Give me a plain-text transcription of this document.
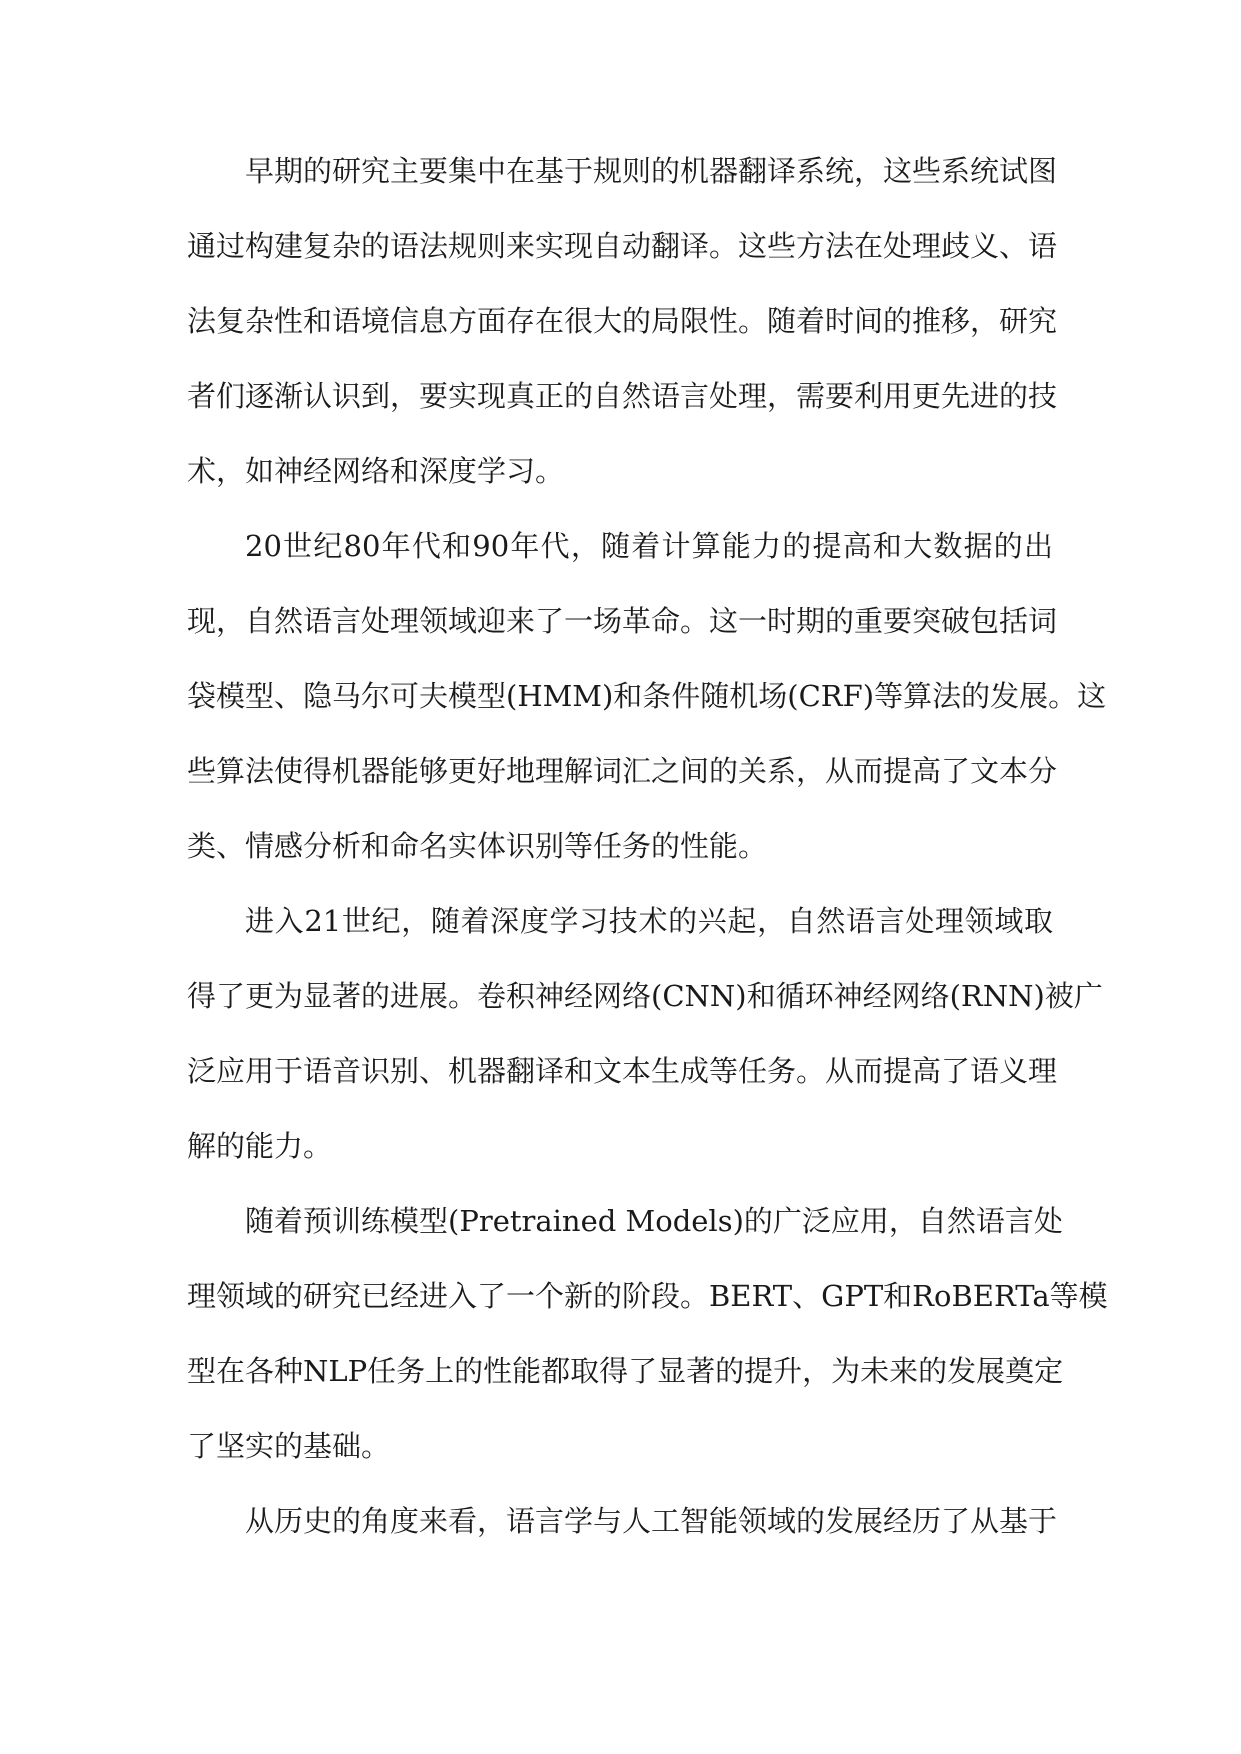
早期的研究主要集中在基于规则的机器翻译系统，这些系统试图
通过构建复杂的语法规则来实现自动翻译。这些方法在处理歧义、语
法复杂性和语境信息方面存在很大的局限性。随着时间的推移，研究
者们逐渐认识到，要实现真正的自然语言处理，需要利用更先进的技
术，如神经网络和深度学习。
20世纪80年代和90年代，随着计算能力的提高和大数据的出
现，自然语言处理领域迎来了一场革命。这一时期的重要突破包括词
袋模型、隐马尔可夫模型(HMM)和条件随机场(CRF)等算法的发展。这
些算法使得机器能够更好地理解词汇之间的关系，从而提高了文本分
类、情感分析和命名实体识别等任务的性能。
进入21世纪，随着深度学习技术的兴起，自然语言处理领域取
得了更为显著的进展。卷积神经网络(CNN)和循环神经网络(RNN)被广
泛应用于语音识别、机器翻译和文本生成等任务。从而提高了语义理
解的能力。
随着预训练模型(Pretrained Models)的广泛应用，自然语言处
理领域的研究已经进入了一个新的阶段。BERT、GPT和RoBERTa等模
型在各种NLP任务上的性能都取得了显著的提升，为未来的发展奠定
了坚实的基础。
从历史的角度来看，语言学与人工智能领域的发展经历了从基于
